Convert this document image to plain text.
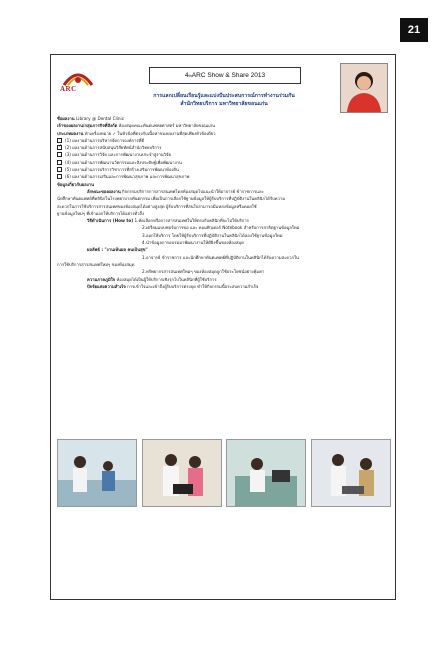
21
ARC
4 th ARC Show & Share 2013
การแลกเปลี่ยนเรียนรู้และแบ่งปันประสบการณ์การทำงานร่วมกัน
สำนักวิทยบริการ มหาวิทยาลัยขอนแก่น

ชื่อผลงาน Library @ Dental Clinic

เจ้าของผลงาน/กลุ่มภารกิจที่สังกัด ห้องสมุดคณะทันตแพทยศาสตร์ มหาวิทยาลัยขอนแก่น

ประเภทผลงาน ทำเครื่องหมาย ✓ ในหัวข้อที่ตรงกับเนื้อหาของผลงานที่สุดเพียงหัวข้อเดียว

(1) ผลงานด้านการบริหารจัดการองค์การที่ดี

✓(2) ผลงานด้านการสนับสนุนวิสัยทัศน์สำนักวิทยบริการ

(3) ผลงานด้านการวิจัย และการพัฒนางานประจำสู่งานวิจัย

(4) ผลงานด้านการพัฒนานวัตกรรมและสิ่งประดิษฐ์เพื่อพัฒนางาน

(5) ผลงานด้านการบริการวิชาการที่สร้างเสริมการพัฒนาท้องถิ่น

(6) ผลงานด้านการเสริมและการพัฒนาสุขภาพ และการพัฒนาสุขภาพ

ข้อมูลเกี่ยวกับผลงาน

ลักษณะของผลงาน กิจกรรมบริการการสารสนเทศโดยห้องสมุดไปแนะนำให้อาจารย์ ข้าราชการและ

นักศึกษาทันตแพทย์ที่คลินิกในโรงพยาบาลทันตกรรม เพื่อเป็นการเลือกใช้ฐานข้อมูลให้ผู้รับบริการที่ปฏิบัติงานในคลินิกได้รับความ

สะดวกในการใช้บริการสารสนเทศของห้องสมุดได้อย่างสูงสุด ผู้รับบริการที่สนใจสามารถมีแหล่งข้อมูลหรือคอยใช้

ฐานข้อมูลใหม่ๆ ที่เข้าออกให้บริการได้อย่างทั่วถึง

วิธีดำเนินการ (How to) 1.คัดเลือกหรือการสารสนเทศในให้ตรงกับคลินิกที่จะไปให้บริการ

2.เตรียมแบบฟอร์มการขอ และ คอมพิวเตอร์ Notebook สำหรับการสาธิตฐานข้อมูลใหม่

3.ออกให้บริการ โดยให้ผู้รับบริการที่ปฏิบัติงานในคลินิกได้ลองใช้ฐานข้อมูลใหม่

4.นำข้อมูลการอบรมมาพัฒนางานให้ดียิ่งขึ้นของห้องสมุด

ผลลัพธ์ : "งานเห็นผล คนเป็นสุข"

1.อาจารย์ ข้าราชการ และนักศึกษาทันตแพทย์ที่ปฏิบัติงานในคลินิกได้รับความสะดวกใน

การใช้บริการสารสนเทศใหม่ๆ ของห้องสมุด

2.ทรัพยากรสารสนเทศใหม่ๆ ของห้องสมุดถูกใช้ประโยชน์อย่างคุ้มค่า

ความภาคภูมิใจ ห้องสมุดได้เป็นผู้ให้บริการเชิงรุกไปในคลินิกที่ผู้ใช้บริการ

ปัจจัยแห่งความสำเร็จ การเข้าใจและเข้าถึงผู้รับบริการตรงจุด ทำให้กิจกรรมนี้ประสบความสำเร็จ
